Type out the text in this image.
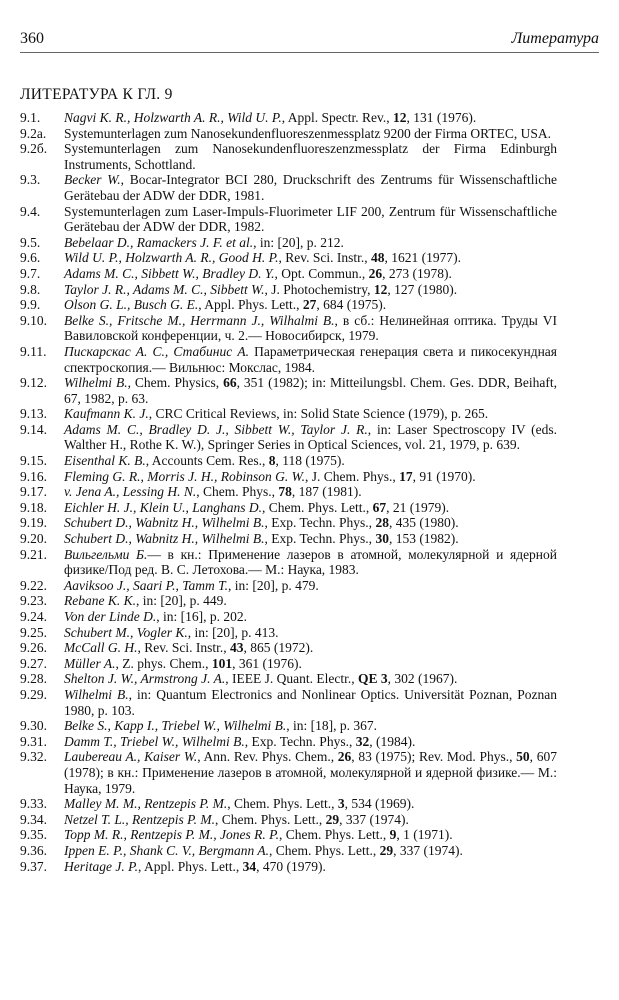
360	Литература
ЛИТЕРАТУРА К ГЛ. 9
9.1.	Nagvi K. R., Holzwarth A. R., Wild U. P., Appl. Spectr. Rev., 12, 131 (1976).
9.2a.	Systemunterlagen zum Nanosekundenfluoreszenmessplatz 9200 der Firma ORTEC, USA.
9.2б.	Systemunterlagen zum Nanosekundenfluoreszenzmessplatz der Firma Edinburgh Instruments, Schottland.
9.3.	Becker W., Bocar-Integrator BCI 280, Druckschrift des Zentrums für Wissenschaftliche Gerätebau der ADW der DDR, 1981.
9.4.	Systemunterlagen zum Laser-Impuls-Fluorimeter LIF 200, Zentrum für Wissenschaftliche Gerätebau der ADW der DDR, 1982.
9.5.	Bebelaar D., Ramackers J. F. et al., in: [20], p. 212.
9.6.	Wild U. P., Holzwarth A. R., Good H. P., Rev. Sci. Instr., 48, 1621 (1977).
9.7.	Adams M. C., Sibbett W., Bradley D. Y., Opt. Commun., 26, 273 (1978).
9.8.	Taylor J. R., Adams M. C., Sibbett W., J. Photochemistry, 12, 127 (1980).
9.9.	Olson G. L., Busch G. E., Appl. Phys. Lett., 27, 684 (1975).
9.10.	Belke S., Fritsche M., Herrmann J., Wilhalmi B., в сб.: Нелинейная оптика. Труды VI Вавиловской конференции, ч. 2.— Новосибирск, 1979.
9.11.	Пискарскас А. С., Стабинис А. Параметрическая генерация света и пикосекундная спектроскопия.— Вильнюс: Мокслас, 1984.
9.12.	Wilhelmi B., Chem. Physics, 66, 351 (1982); in: Mitteilungsbl. Chem. Ges. DDR, Beihaft, 67, 1982, p. 63.
9.13.	Kaufmann K. J., CRC Critical Reviews, in: Solid State Science (1979), p. 265.
9.14.	Adams M. C., Bradley D. J., Sibbett W., Taylor J. R., in: Laser Spectroscopy IV (eds. Walther H., Rothe K. W.), Springer Series in Optical Sciences, vol. 21, 1979, p. 639.
9.15.	Eisenthal K. B., Accounts Cem. Res., 8, 118 (1975).
9.16.	Fleming G. R., Morris J. H., Robinson G. W., J. Chem. Phys., 17, 91 (1970).
9.17.	v. Jena A., Lessing H. N., Chem. Phys., 78, 187 (1981).
9.18.	Eichler H. J., Klein U., Langhans D., Chem. Phys. Lett., 67, 21 (1979).
9.19.	Schubert D., Wabnitz H., Wilhelmi B., Exp. Techn. Phys., 28, 435 (1980).
9.20.	Schubert D., Wabnitz H., Wilhelmi B., Exp. Techn. Phys., 30, 153 (1982).
9.21.	Вильгельми Б.— в кн.: Применение лазеров в атомной, молекулярной и ядерной физике/Под ред. В. С. Летохова.— М.: Наука, 1983.
9.22.	Aaviksoo J., Saari P., Tamm T., in: [20], p. 479.
9.23.	Rebane K. K., in: [20], p. 449.
9.24.	Von der Linde D., in: [16], p. 202.
9.25.	Schubert M., Vogler K., in: [20], p. 413.
9.26.	McCall G. H., Rev. Sci. Instr., 43, 865 (1972).
9.27.	Müller A., Z. phys. Chem., 101, 361 (1976).
9.28.	Shelton J. W., Armstrong J. A., IEEE J. Quant. Electr., QE 3, 302 (1967).
9.29.	Wilhelmi B., in: Quantum Electronics and Nonlinear Optics. Universität Poznan, Poznan 1980, p. 103.
9.30.	Belke S., Kapp I., Triebel W., Wilhelmi B., in: [18], p. 367.
9.31.	Damm T., Triebel W., Wilhelmi B., Exp. Techn. Phys., 32, (1984).
9.32.	Laubereau A., Kaiser W., Ann. Rev. Phys. Chem., 26, 83 (1975); Rev. Mod. Phys., 50, 607 (1978); в кн.: Применение лазеров в атомной, молекулярной и ядерной физике.— М.: Наука, 1979.
9.33.	Malley M. M., Rentzepis P. M., Chem. Phys. Lett., 3, 534 (1969).
9.34.	Netzel T. L., Rentzepis P. M., Chem. Phys. Lett., 29, 337 (1974).
9.35.	Topp M. R., Rentzepis P. M., Jones R. P., Chem. Phys. Lett., 9, 1 (1971).
9.36.	Ippen E. P., Shank C. V., Bergmann A., Chem. Phys. Lett., 29, 337 (1974).
9.37.	Heritage J. P., Appl. Phys. Lett., 34, 470 (1979).
